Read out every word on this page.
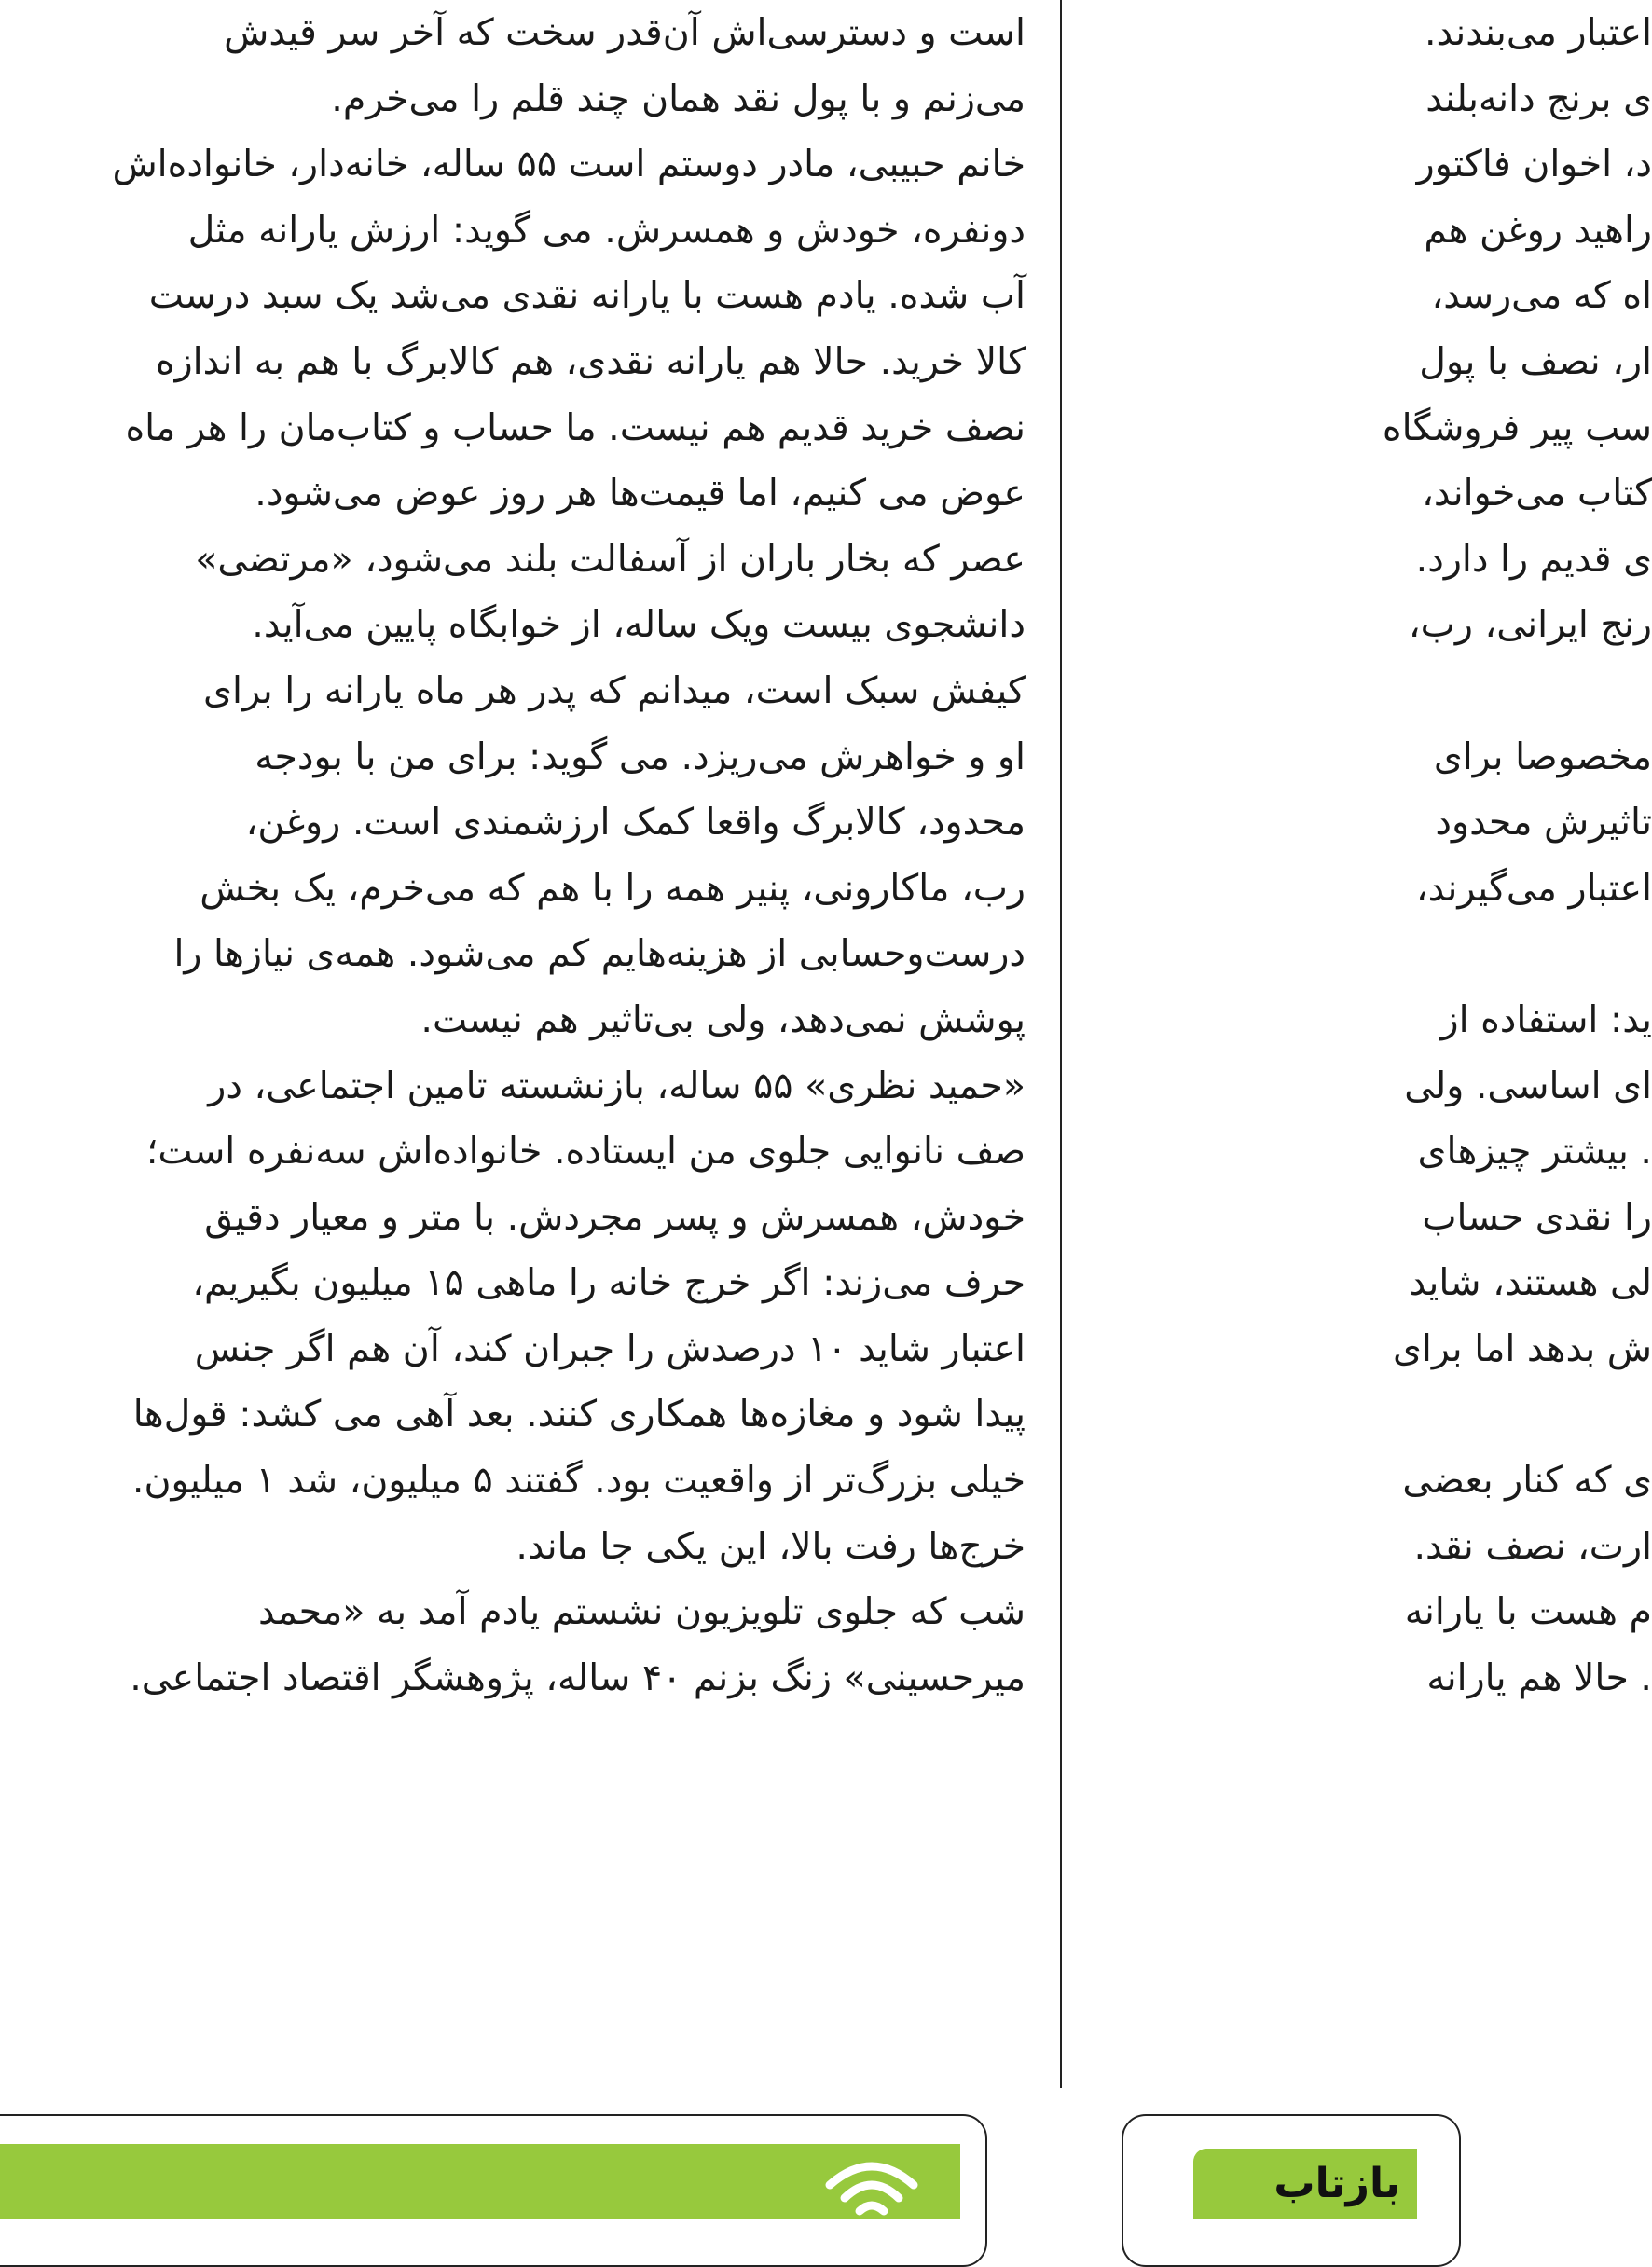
است و دسترسی‌اش آن‌قدر سخت که آخر سر قیدش
می‌زنم و با پول نقد همان چند قلم را می‌خرم.
خانم حبیبی، مادر دوستم است ۵۵ ساله، خانه‌دار، خانواده‌اش
دونفره، خودش و همسرش. می گوید: ارزش یارانه مثل
آب شده. یادم هست با یارانه نقدی می‌شد یک سبد درست
کالا خرید. حالا هم یارانه نقدی، هم کالابرگ با هم به اندازه
نصف خرید قدیم هم نیست. ما حساب و کتاب‌مان را هر ماه
عوض می کنیم، اما قیمت‌ها هر روز عوض می‌شود.
عصر که بخار باران از آسفالت بلند می‌شود، «مرتضی»
دانشجوی بیست ویک ساله، از خوابگاه پایین می‌آید.
کیفش سبک است، میدانم که پدر هر ماه یارانه را برای
او و خواهرش می‌ریزد. می گوید: برای من با بودجه
محدود، کالابرگ واقعا کمک ارزشمندی است. روغن،
رب، ماکارونی، پنیر همه را با هم که می‌خرم، یک بخش
درست‌وحسابی از هزینه‌هایم کم می‌شود. همه‌ی نیازها را
پوشش نمی‌دهد، ولی بی‌تاثیر هم نیست.
«حمید نظری» ۵۵ ساله، بازنشسته تامین اجتماعی، در
صف نانوایی جلوی من ایستاده. خانواده‌اش سه‌نفره است؛
خودش، همسرش و پسر مجردش. با متر و معیار دقیق
حرف می‌زند: اگر خرج خانه را ماهی ۱۵ میلیون بگیریم،
اعتبار شاید ۱۰ درصدش را جبران کند، آن هم اگر جنس
پیدا شود و مغازه‌ها همکاری کنند. بعد آهی می کشد: قول‌ها
خیلی بزرگ‌تر از واقعیت بود. گفتند ۵ میلیون، شد ۱ میلیون.
خرج‌ها رفت بالا، این یکی جا ماند.
شب که جلوی تلویزیون نشستم یادم آمد به «محمد
میرحسینی» زنگ بزنم ۴۰ ساله، پژوهشگر اقتصاد اجتماعی.
اعتبار می‌بندند.
ی برنج دانه‌بلند
د، اخوان فاکتور
راهید روغن هم
اه که می‌رسد،
ار، نصف با پول
سب پیر فروشگاه
کتاب می‌خواند،
ی قدیم را دارد.
رنج ایرانی، رب،
مخصوصا برای
تاثیرش محدود
اعتبار می‌گیرند،
ید: استفاده از
ای اساسی. ولی
. بیشتر چیزهای
را نقدی حساب
لی هستند، شاید
ش بدهد اما برای
ی که کنار بعضی
ارت، نصف نقد.
م هست با یارانه
. حالا هم یارانه
بازتاب
